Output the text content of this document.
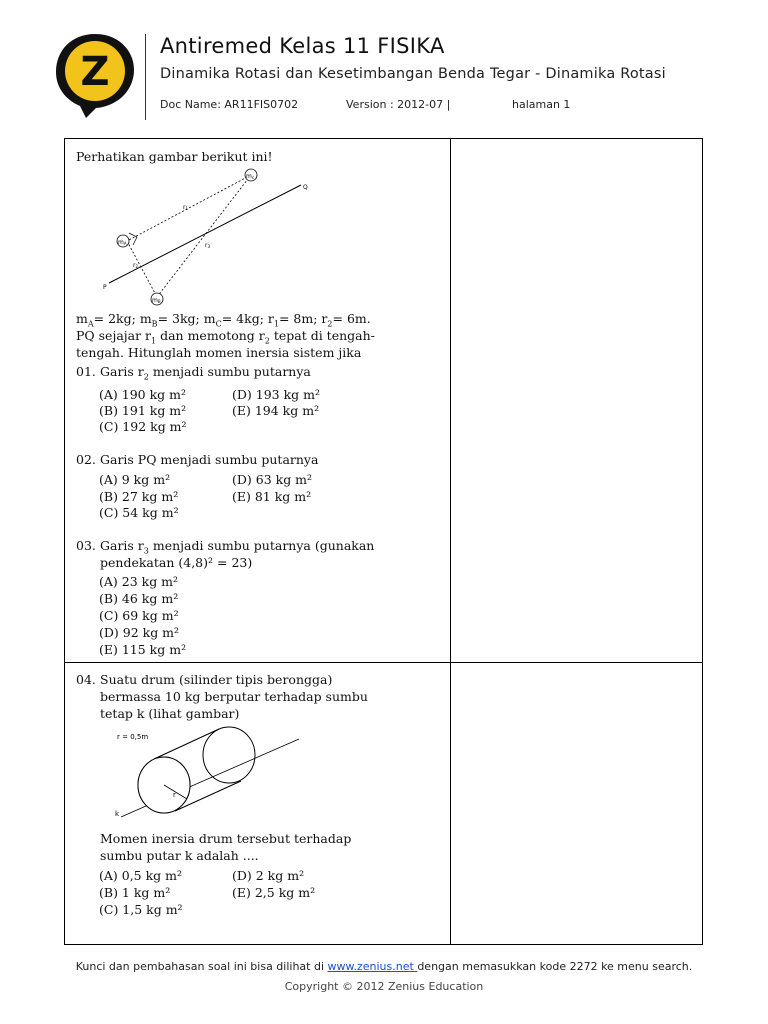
Z
Antiremed Kelas 11 FISIKA
Dinamika Rotasi dan Kesetimbangan Benda Tegar - Dinamika Rotasi
Doc Name: AR11FIS0702	Version : 2012-07 |	halaman 1
Perhatikan gambar berikut ini!
mc
mA
mB
r1
r2
r3
P
Q
$m_A= 2kg$; $m_B= 3kg$; $m_C= 4kg$; $r_1= 8m$; $r_2= 6m$.
PQ sejajar $r_1$ dan memotong $r_2$ tepat di tengah-
tengah. Hitunglah momen inersia sistem jika
01. Garis $r_2$ menjadi sumbu putarnya
(A) 190 kg m²
(B) 191 kg m²
(C) 192 kg m²
(D) 193 kg m²
(E) 194 kg m²
02. Garis PQ menjadi sumbu putarnya
(A) 9 kg m²
(B) 27 kg m²
(C) 54 kg m²
(D) 63 kg m²
(E) 81 kg m²
03. Garis $r_3$ menjadi sumbu putarnya (gunakan
pendekatan (4,8)² = 23)
(A) 23 kg m²
(B) 46 kg m²
(C) 69 kg m²
(D) 92 kg m²
(E) 115 kg m²
04. Suatu drum (silinder tipis berongga)
bermassa 10 kg berputar terhadap sumbu
tetap k (lihat gambar)
r = 0,5m
k
r
Momen inersia drum tersebut terhadap
sumbu putar k adalah ....
(A) 0,5 kg m²
(B) 1 kg m²
(C) 1,5 kg m²
(D) 2 kg m²
(E) 2,5 kg m²
Kunci dan pembahasan soal ini bisa dilihat di www.zenius.net dengan memasukkan kode 2272 ke menu search.
Copyright © 2012 Zenius Education
